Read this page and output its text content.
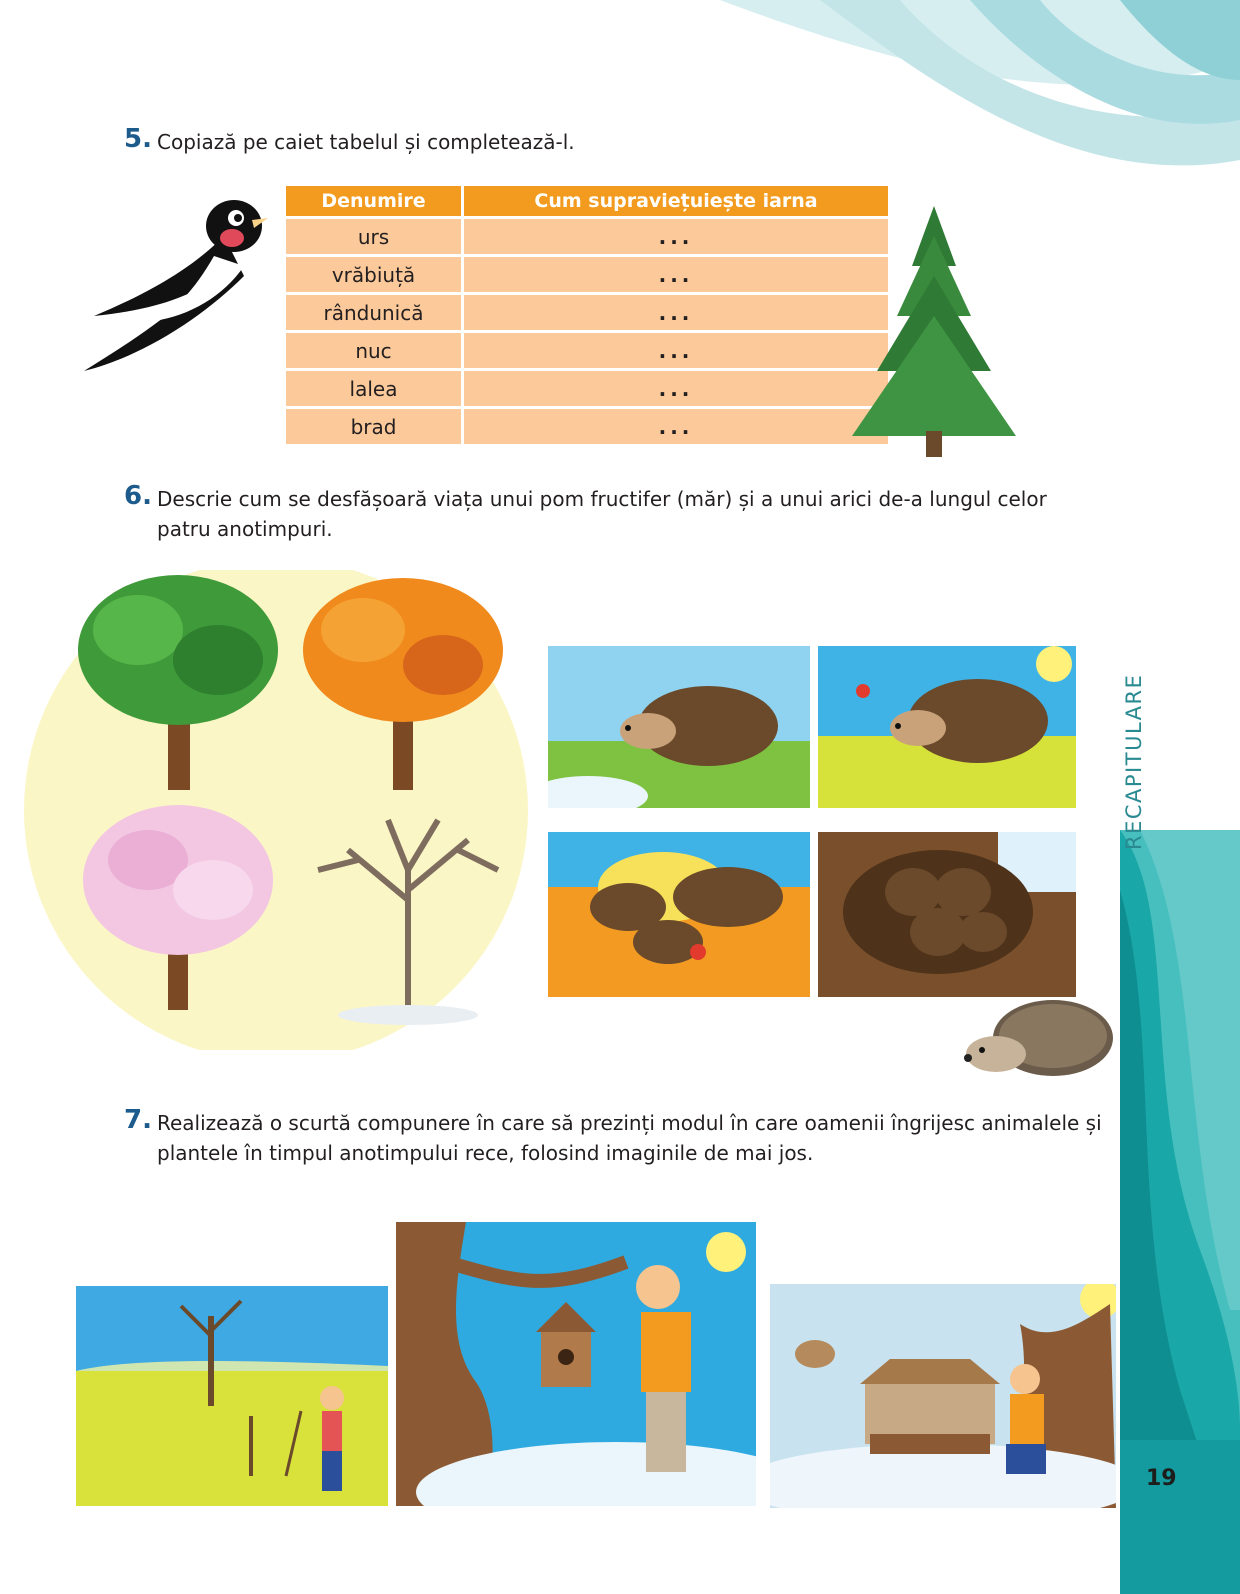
RECAPITULARE
19
5. Copiază pe caiet tabelul și completează-l.
Denumire	Cum supraviețuiește iarna
urs	...
vrăbiuță	...
rândunică	...
nuc	...
lalea	...
brad	...
6. Descrie cum se desfășoară viața unui pom fructifer (măr) și a unui arici de-a lungul celor
patru anotimpuri.
7. Realizează o scurtă compunere în care să prezinți modul în care oamenii îngrijesc animalele și
plantele în timpul anotimpului rece, folosind imaginile de mai jos.
